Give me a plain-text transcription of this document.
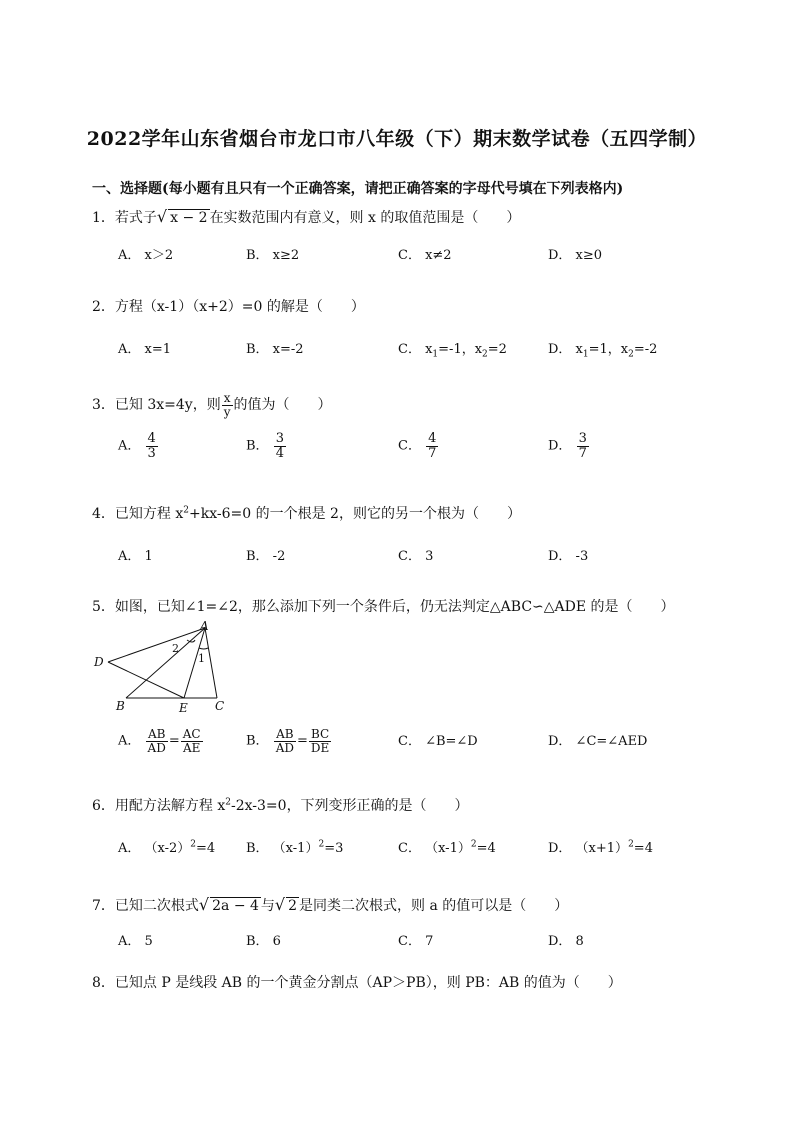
2022学年山东省烟台市龙口市八年级（下）期末数学试卷（五四学制）
一、选择题(每小题有且只有一个正确答案，请把正确答案的字母代号填在下列表格内)
1．若式子√ x − 2 在实数范围内有意义，则 x 的取值范围是（　　）
A． x＞2	B． x≥2	C． x≠2	D． x≥0
2．方程（x-1）（x+2）=0 的解是（　　）
A． x=1	B． x=-2	C． $x_1=-1$，$x_2=2$	D． $x_1=1$，$x_2=-2$
3．已知 3x=4y，则 $\frac{x}{y}$ 的值为（　　）
A． $\frac{4}{3}$	B． $\frac{3}{4}$	C． $\frac{4}{7}$	D． $\frac{3}{7}$
4．已知方程 $x^2+kx-6=0$ 的一个根是 2，则它的另一个根为（　　）
A． 1	B． -2	C． 3	D． -3
5．如图，已知∠1=∠2，那么添加下列一个条件后，仍无法判定△ABC∽△ADE 的是（　　）
A
D
B	E C
2
1
A． $\frac{AB}{AD} = \frac{AC}{AE}$	B． $\frac{AB}{AD} = \frac{BC}{DE}$	C． ∠B=∠D	D． ∠C=∠AED
6．用配方法解方程 $x^2-2x-3=0$，下列变形正确的是（　　）
A． $(x-2)^2=4$ B． $(x-1)^2=3$	C． $(x-1)^2=4$	D． $(x+1)^2=4$
7．已知二次根式√ 2a − 4 与√ 2 是同类二次根式，则 a 的值可以是（　　）
A． 5	B． 6	C． 7	D． 8
8．已知点 P 是线段 AB 的一个黄金分割点（AP＞PB），则 PB：AB 的值为（　　）
